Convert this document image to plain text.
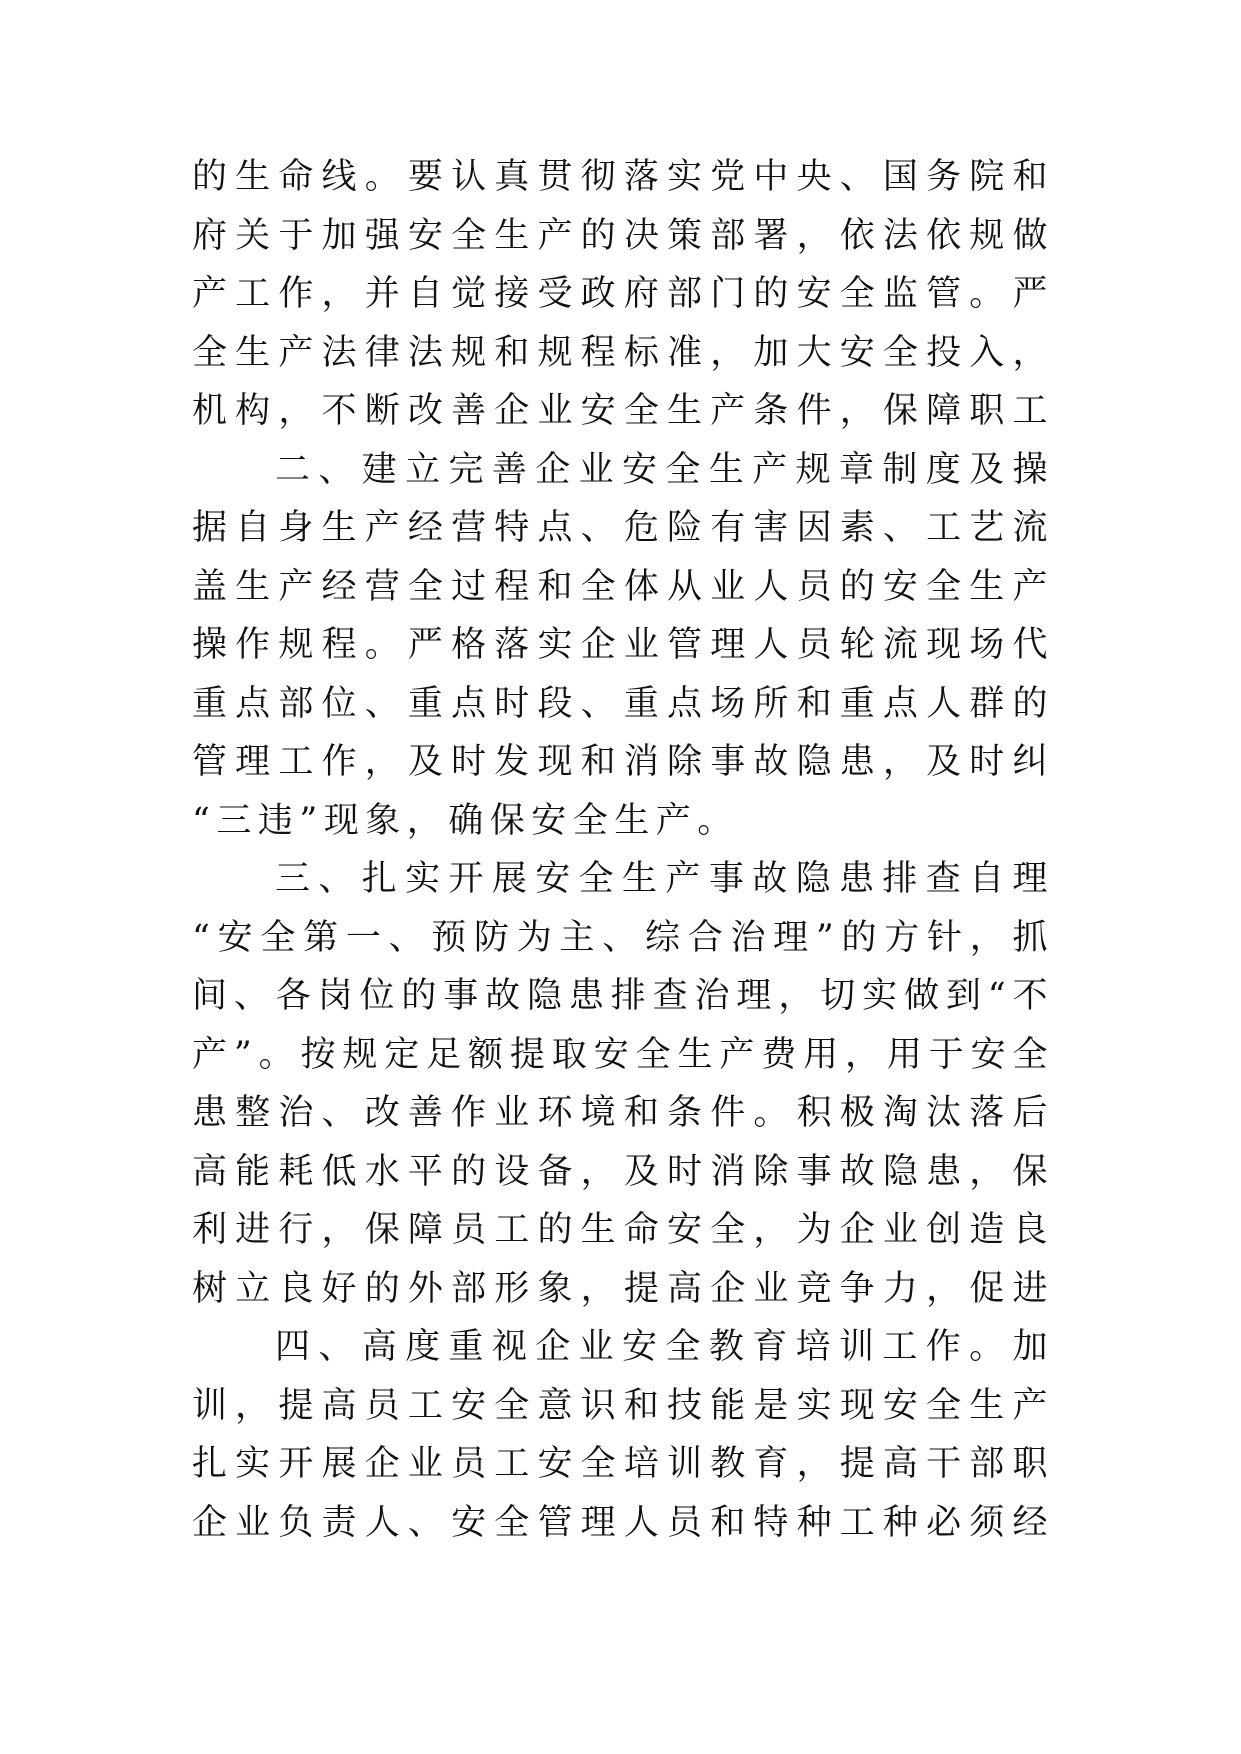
的生命线。要认真贯彻落实党中央、国务院和
府关于加强安全生产的决策部署，依法依规做
产工作，并自觉接受政府部门的安全监管。严
全生产法律法规和规程标准，加大安全投入，
机构，不断改善企业安全生产条件，保障职工
二、建立完善企业安全生产规章制度及操
据自身生产经营特点、危险有害因素、工艺流
盖生产经营全过程和全体从业人员的安全生产
操作规程。严格落实企业管理人员轮流现场代
重点部位、重点时段、重点场所和重点人群的
管理工作，及时发现和消除事故隐患，及时纠
“三违”现象，确保安全生产。
三、扎实开展安全生产事故隐患排查自理
“安全第一、预防为主、综合治理”的方针，抓
间、各岗位的事故隐患排查治理，切实做到“不
产”。按规定足额提取安全生产费用，用于安全
患整治、改善作业环境和条件。积极淘汰落后
高能耗低水平的设备，及时消除事故隐患，保
利进行，保障员工的生命安全，为企业创造良
树立良好的外部形象，提高企业竞争力，促进
四、高度重视企业安全教育培训工作。加
训，提高员工安全意识和技能是实现安全生产
扎实开展企业员工安全培训教育，提高干部职
企业负责人、安全管理人员和特种工种必须经
